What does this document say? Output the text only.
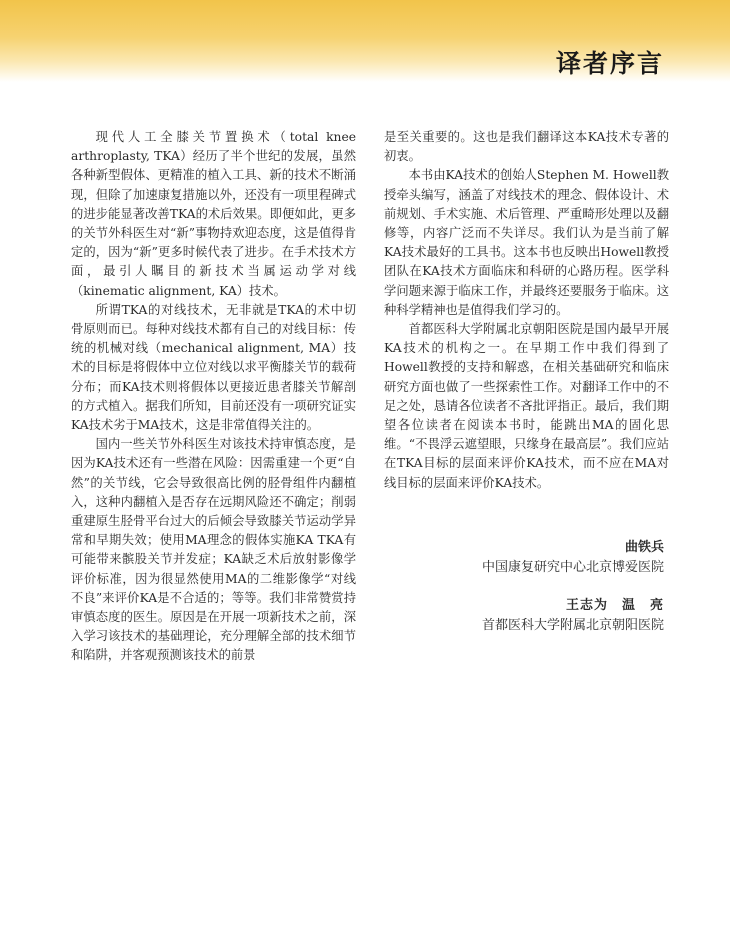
译者序言

现代人工全膝关节置换术（total knee arthroplasty, TKA）经历了半个世纪的发展，虽然各种新型假体、更精准的植入工具、新的技术不断涌现，但除了加速康复措施以外，还没有一项里程碑式的进步能显著改善TKA的术后效果。即便如此，更多的关节外科医生对“新”事物持欢迎态度，这是值得肯定的，因为“新”更多时候代表了进步。在手术技术方面，最引人瞩目的新技术当属运动学对线（kinematic alignment, KA）技术。

所谓TKA的对线技术，无非就是TKA的术中切骨原则而已。每种对线技术都有自己的对线目标：传统的机械对线（mechanical alignment, MA）技术的目标是将假体中立位对线以求平衡膝关节的载荷分布；而KA技术则将假体以更接近患者膝关节解剖的方式植入。据我们所知，目前还没有一项研究证实KA技术劣于MA技术，这是非常值得关注的。

国内一些关节外科医生对该技术持审慎态度，是因为KA技术还有一些潜在风险：因需重建一个更“自然”的关节线，它会导致很高比例的胫骨组件内翻植入，这种内翻植入是否存在远期风险还不确定；削弱重建原生胫骨平台过大的后倾会导致膝关节运动学异常和早期失效；使用MA理念的假体实施KA TKA有可能带来髌股关节并发症；KA缺乏术后放射影像学评价标准，因为很显然使用MA的二维影像学“对线不良”来评价KA是不合适的；等等。我们非常赞赏持审慎态度的医生。原因是在开展一项新技术之前，深入学习该技术的基础理论，充分理解全部的技术细节和陷阱，并客观预测该技术的前景

是至关重要的。这也是我们翻译这本KA技术专著的初衷。

本书由KA技术的创始人Stephen M. Howell教授牵头编写，涵盖了对线技术的理念、假体设计、术前规划、手术实施、术后管理、严重畸形处理以及翻修等，内容广泛而不失详尽。我们认为是当前了解KA技术最好的工具书。这本书也反映出Howell教授团队在KA技术方面临床和科研的心路历程。医学科学问题来源于临床工作，并最终还要服务于临床。这种科学精神也是值得我们学习的。

首都医科大学附属北京朝阳医院是国内最早开展KA技术的机构之一。在早期工作中我们得到了Howell教授的支持和解惑，在相关基础研究和临床研究方面也做了一些探索性工作。对翻译工作中的不足之处，恳请各位读者不吝批评指正。最后，我们期望各位读者在阅读本书时，能跳出MA的固化思维。“不畏浮云遮望眼，只缘身在最高层”。我们应站在TKA目标的层面来评价KA技术，而不应在MA对线目标的层面来评价KA技术。

曲铁兵
中国康复研究中心北京博爱医院
王志为　温　亮
首都医科大学附属北京朝阳医院
